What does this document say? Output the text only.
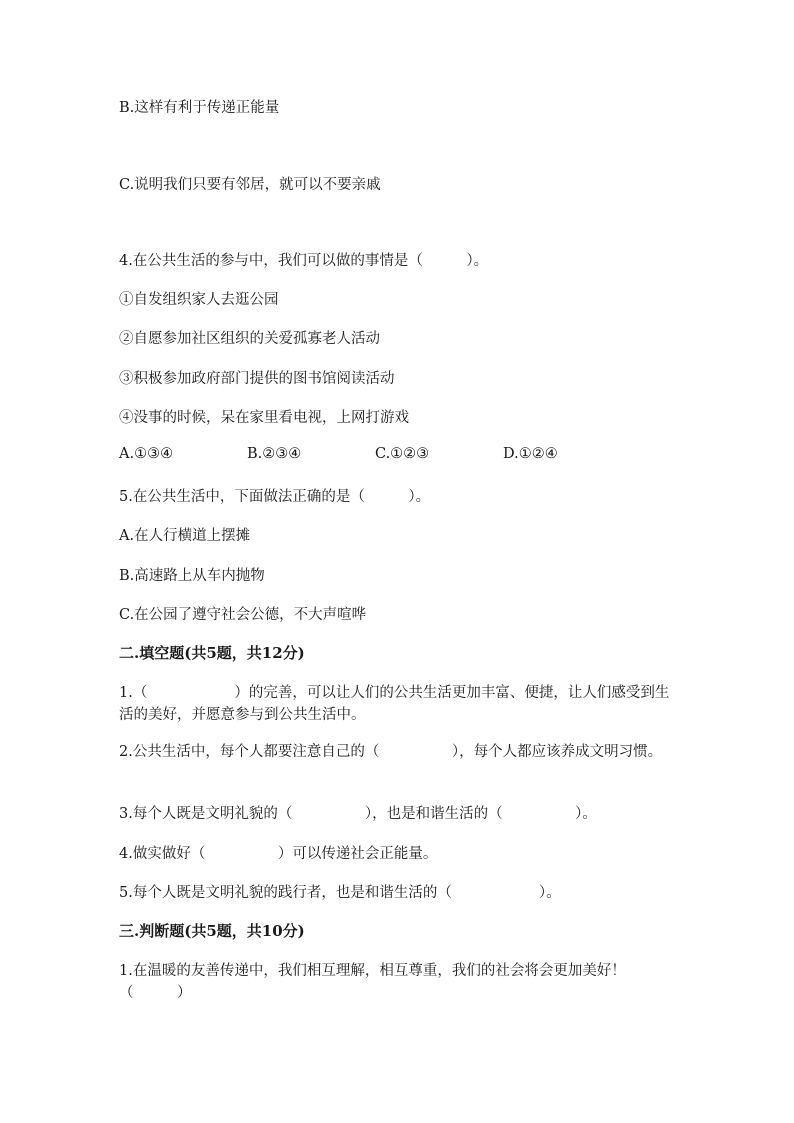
B.这样有利于传递正能量
C.说明我们只要有邻居，就可以不要亲戚
4.在公共生活的参与中，我们可以做的事情是（　　　）。
①自发组织家人去逛公园
②自愿参加社区组织的关爱孤寡老人活动
③积极参加政府部门提供的图书馆阅读活动
④没事的时候，呆在家里看电视，上网打游戏
A.①③④	B.②③④	C.①②③	D.①②④
5.在公共生活中，下面做法正确的是（　　　）。
A.在人行横道上摆摊
B.高速路上从车内抛物
C.在公园了遵守社会公德，不大声喧哗
二.填空题(共5题，共12分)
1.（　　　　　　）的完善，可以让人们的公共生活更加丰富、便捷，让人们感受到生活的美好，并愿意参与到公共生活中。
2.公共生活中，每个人都要注意自己的（　　　　　），每个人都应该养成文明习惯。
3.每个人既是文明礼貌的（　　　　　），也是和谐生活的（　　　　　）。
4.做实做好（　　　　　）可以传递社会正能量。
5.每个人既是文明礼貌的践行者，也是和谐生活的（　　　　　　）。
三.判断题(共5题，共10分)
1.在温暖的友善传递中，我们相互理解，相互尊重，我们的社会将会更加美好！（　　　）
